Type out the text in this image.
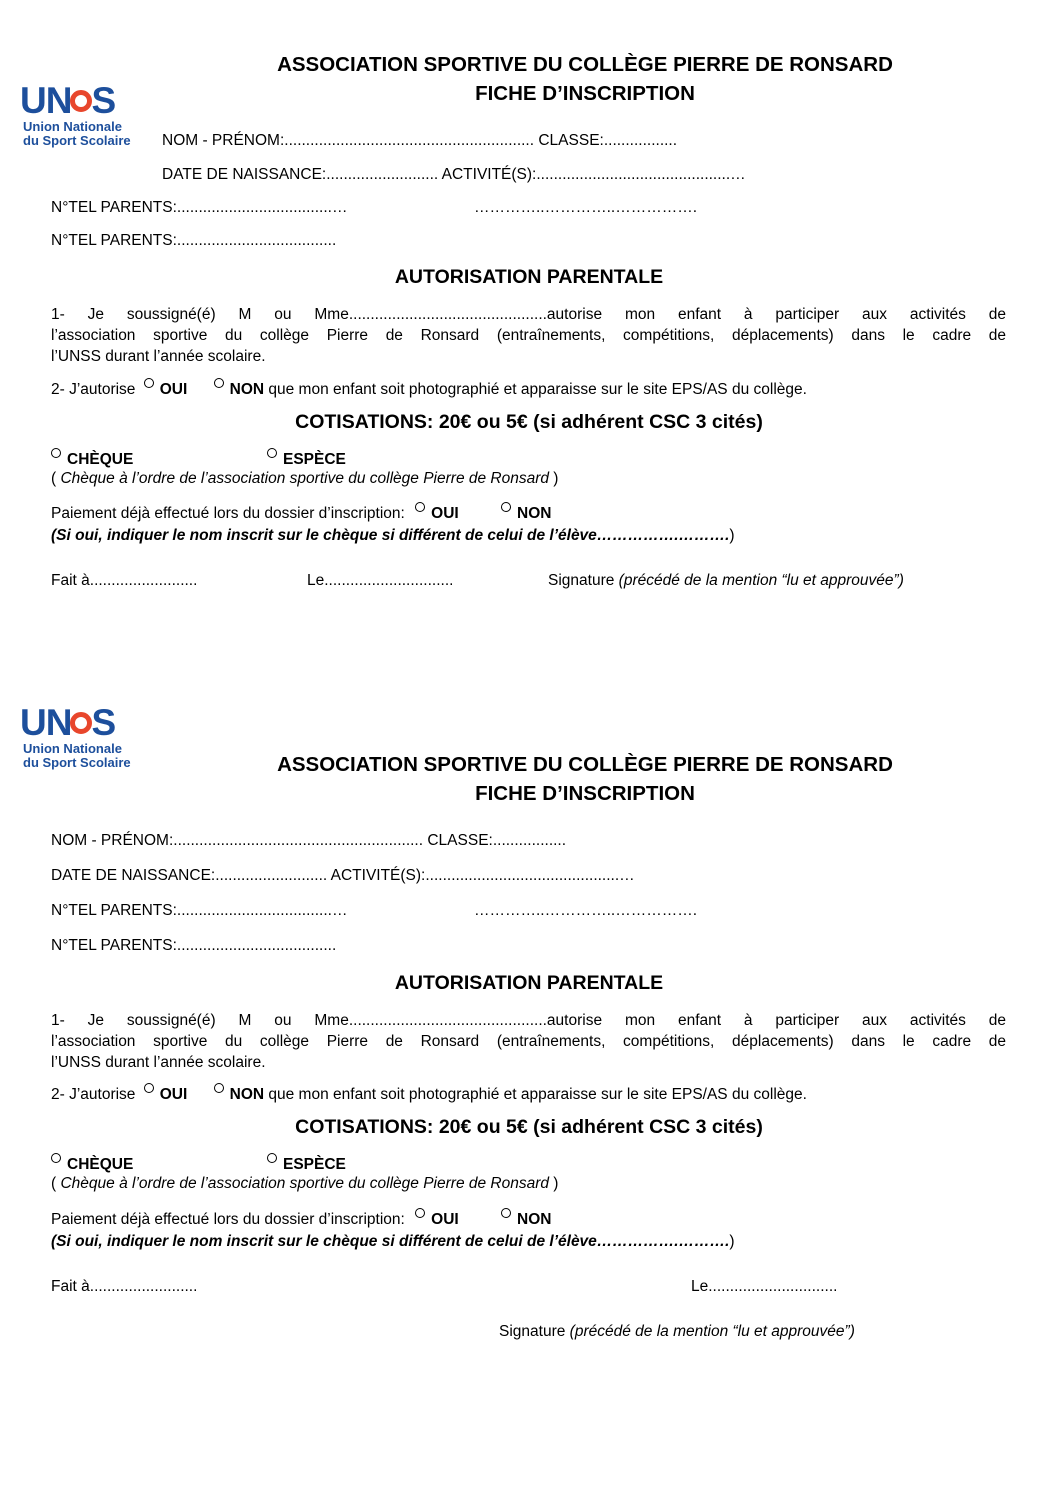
UN S
Union Nationale
du Sport Scolaire
ASSOCIATION SPORTIVE DU COLLÈGE PIERRE DE RONSARD
FICHE D’INSCRIPTION
NOM - PRÉNOM:.......................................................... CLASSE:.................
DATE DE NAISSANCE:.......................... ACTIVITÉ(S):.............................................…
N°TEL PARENTS:....................................…	…………..…………..…………….
N°TEL PARENTS:.....................................
AUTORISATION PARENTALE
1- Je soussigné(é) M ou Mme..............................................autorise mon enfant à participer aux activités de
l’association sportive du collège Pierre de Ronsard (entraînements, compétitions, déplacements) dans le cadre de
l’UNSS durant l’année scolaire.
2- J’autorise OUI	NON que mon enfant soit photographié et apparaisse sur le site EPS/AS du collège.
COTISATIONS: 20€ ou 5€ (si adhérent CSC 3 cités)
CHÈQUE	ESPÈCE
( Chèque à l’ordre de l’association sportive du collège Pierre de Ronsard )
Paiement déjà effectué lors du dossier d’inscription: OUI	NON
(Si oui, indiquer le nom inscrit sur le chèque si différent de celui de l’élève…………….……….)
Fait à.........................	Le..............................	Signature (précédé de la mention “lu et approuvée”)
UN S
Union Nationale
du Sport Scolaire	ASSOCIATION SPORTIVE DU COLLÈGE PIERRE DE RONSARD
FICHE D’INSCRIPTION
NOM - PRÉNOM:.......................................................... CLASSE:.................
DATE DE NAISSANCE:.......................... ACTIVITÉ(S):.............................................…
N°TEL PARENTS:....................................…	…………..…………..…………….
N°TEL PARENTS:.....................................
AUTORISATION PARENTALE
1- Je soussigné(é) M ou Mme..............................................autorise mon enfant à participer aux activités de
l’association sportive du collège Pierre de Ronsard (entraînements, compétitions, déplacements) dans le cadre de
l’UNSS durant l’année scolaire.
2- J’autorise OUI	NON que mon enfant soit photographié et apparaisse sur le site EPS/AS du collège.
COTISATIONS: 20€ ou 5€ (si adhérent CSC 3 cités)
CHÈQUE	ESPÈCE
( Chèque à l’ordre de l’association sportive du collège Pierre de Ronsard )
Paiement déjà effectué lors du dossier d’inscription: OUI	NON
(Si oui, indiquer le nom inscrit sur le chèque si différent de celui de l’élève…………….……….)
Fait à.........................	Le..............................
Signature (précédé de la mention “lu et approuvée”)
